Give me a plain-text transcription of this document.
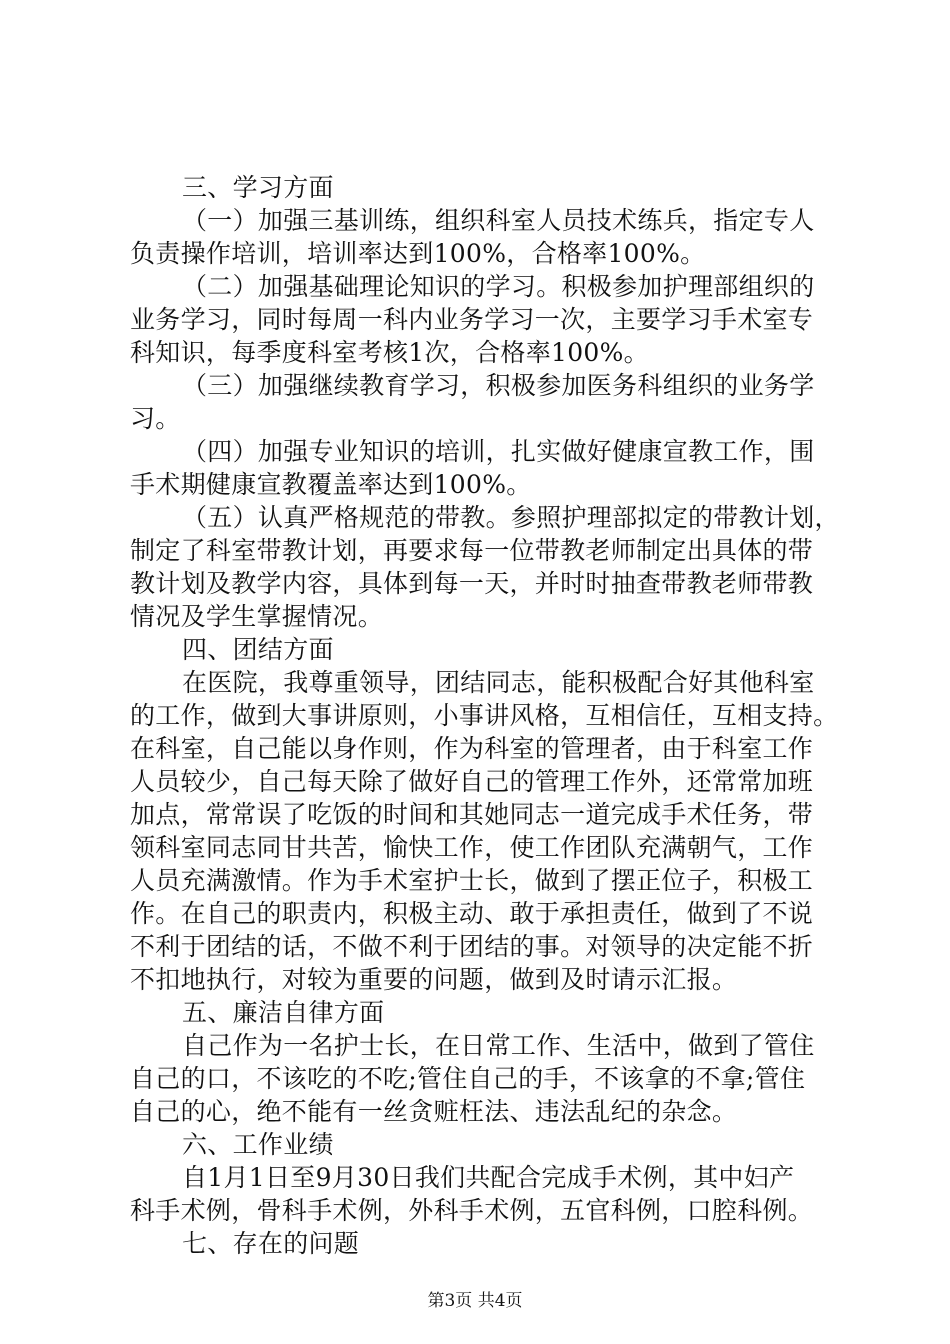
三、学习方面
（一）加强三基训练，组织科室人员技术练兵，指定专人
负责操作培训，培训率达到100%，合格率100%。
（二）加强基础理论知识的学习。积极参加护理部组织的
业务学习，同时每周一科内业务学习一次，主要学习手术室专
科知识，每季度科室考核1次，合格率100%。
（三）加强继续教育学习，积极参加医务科组织的业务学
习。
（四）加强专业知识的培训，扎实做好健康宣教工作，围
手术期健康宣教覆盖率达到100%。
（五）认真严格规范的带教。参照护理部拟定的带教计划，
制定了科室带教计划，再要求每一位带教老师制定出具体的带
教计划及教学内容，具体到每一天，并时时抽查带教老师带教
情况及学生掌握情况。
四、团结方面
在医院，我尊重领导，团结同志，能积极配合好其他科室
的工作，做到大事讲原则，小事讲风格，互相信任，互相支持。
在科室，自己能以身作则，作为科室的管理者，由于科室工作
人员较少，自己每天除了做好自己的管理工作外，还常常加班
加点，常常误了吃饭的时间和其她同志一道完成手术任务，带
领科室同志同甘共苦，愉快工作，使工作团队充满朝气，工作
人员充满激情。作为手术室护士长，做到了摆正位子，积极工
作。在自己的职责内，积极主动、敢于承担责任，做到了不说
不利于团结的话，不做不利于团结的事。对领导的决定能不折
不扣地执行，对较为重要的问题，做到及时请示汇报。
五、廉洁自律方面
自己作为一名护士长，在日常工作、生活中，做到了管住
自己的口，不该吃的不吃;管住自己的手，不该拿的不拿;管住
自己的心，绝不能有一丝贪赃枉法、违法乱纪的杂念。
六、工作业绩
自1月1日至9月30日我们共配合完成手术例，其中妇产
科手术例，骨科手术例，外科手术例，五官科例，口腔科例。
七、存在的问题
第3页 共4页
